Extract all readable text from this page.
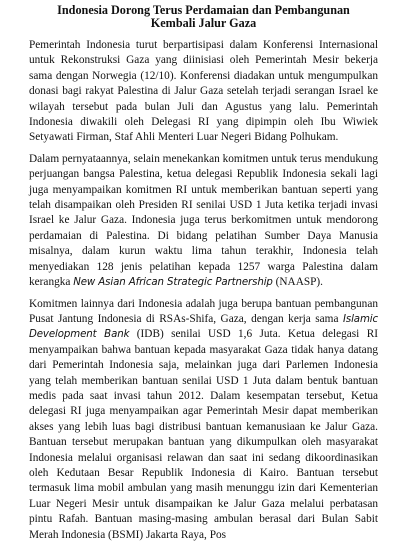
Indonesia Dorong Terus Perdamaian dan Pembangunan Kembali Jalur Gaza

Pemerintah Indonesia turut berpartisipasi dalam Konferensi Internasional untuk Rekonstruksi Gaza yang diinisiasi oleh Pemerintah Mesir bekerja sama dengan Norwegia (12/10). Konferensi diadakan untuk mengumpulkan donasi bagi rakyat Palestina di Jalur Gaza setelah terjadi serangan Israel ke wilayah tersebut pada bulan Juli dan Agustus yang lalu. Pemerintah Indonesia diwakili oleh Delegasi RI yang dipimpin oleh Ibu Wiwiek Setyawati Firman, Staf Ahli Menteri Luar Negeri Bidang Polhukam.

Dalam pernyataannya, selain menekankan komitmen untuk terus mendukung perjuangan bangsa Palestina, ketua delegasi Republik Indonesia sekali lagi juga menyampaikan komitmen RI untuk memberikan bantuan seperti yang telah disampaikan oleh Presiden RI senilai USD 1 Juta ketika terjadi invasi Israel ke Jalur Gaza. Indonesia juga terus berkomitmen untuk mendorong perdamaian di Palestina. Di bidang pelatihan Sumber Daya Manusia misalnya, dalam kurun waktu lima tahun terakhir, Indonesia telah menyediakan 128 jenis pelatihan kepada 1257 warga Palestina dalam kerangka New Asian African Strategic Partnership (NAASP).

Komitmen lainnya dari Indonesia adalah juga berupa bantuan pembangunan Pusat Jantung Indonesia di RSAs-Shifa, Gaza, dengan kerja sama Islamic Development Bank (IDB) senilai USD 1,6 Juta. Ketua delegasi RI menyampaikan bahwa bantuan kepada masyarakat Gaza tidak hanya datang dari Pemerintah Indonesia saja, melainkan juga dari Parlemen Indonesia yang telah memberikan bantuan senilai USD 1 Juta dalam bentuk bantuan medis pada saat invasi tahun 2012. Dalam kesempatan tersebut, Ketua delegasi RI juga menyampaikan agar Pemerintah Mesir dapat memberikan akses yang lebih luas bagi distribusi bantuan kemanusiaan ke Jalur Gaza. Bantuan tersebut merupakan bantuan yang dikumpulkan oleh masyarakat Indonesia melalui organisasi relawan dan saat ini sedang dikoordinasikan oleh Kedutaan Besar Republik Indonesia di Kairo. Bantuan tersebut termasuk lima mobil ambulan yang masih menunggu izin dari Kementerian Luar Negeri Mesir untuk disampaikan ke Jalur Gaza melalui perbatasan pintu Rafah. Bantuan masing-masing ambulan berasal dari Bulan Sabit Merah Indonesia (BSMI) Jakarta Raya, Pos
